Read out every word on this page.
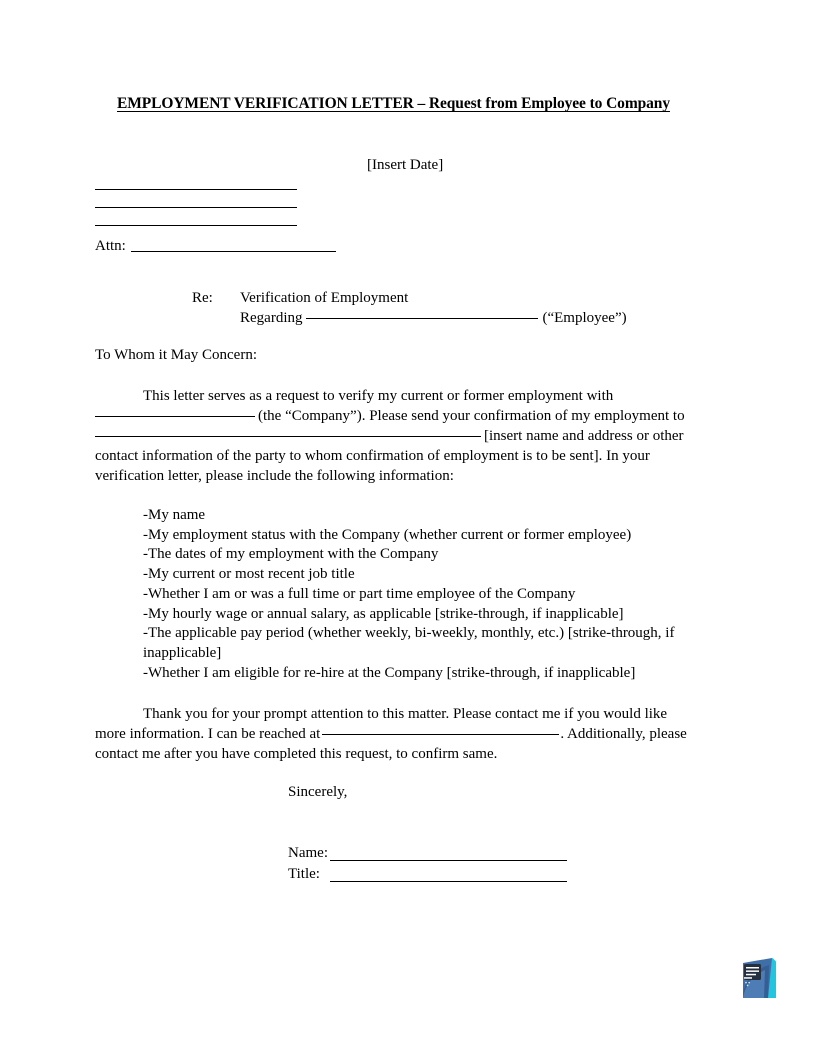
EMPLOYMENT VERIFICATION LETTER – Request from Employee to Company
[Insert Date]
Attn:
Re:	Verification of Employment
Regarding	(“Employee”)
To Whom it May Concern:
This letter serves as a request to verify my current or former employment with
(the “Company”). Please send your confirmation of my employment to
[insert name and address or other
contact information of the party to whom confirmation of employment is to be sent]. In your
verification letter, please include the following information:
-My name
-My employment status with the Company (whether current or former employee)
-The dates of my employment with the Company
-My current or most recent job title
-Whether I am or was a full time or part time employee of the Company
-My hourly wage or annual salary, as applicable [strike-through, if inapplicable]
-The applicable pay period (whether weekly, bi-weekly, monthly, etc.) [strike-through, if
inapplicable]
-Whether I am eligible for re-hire at the Company [strike-through, if inapplicable]
Thank you for your prompt attention to this matter. Please contact me if you would like
more information. I can be reached at	. Additionally, please
contact me after you have completed this request, to confirm same.
Sincerely,
Name:
Title:
